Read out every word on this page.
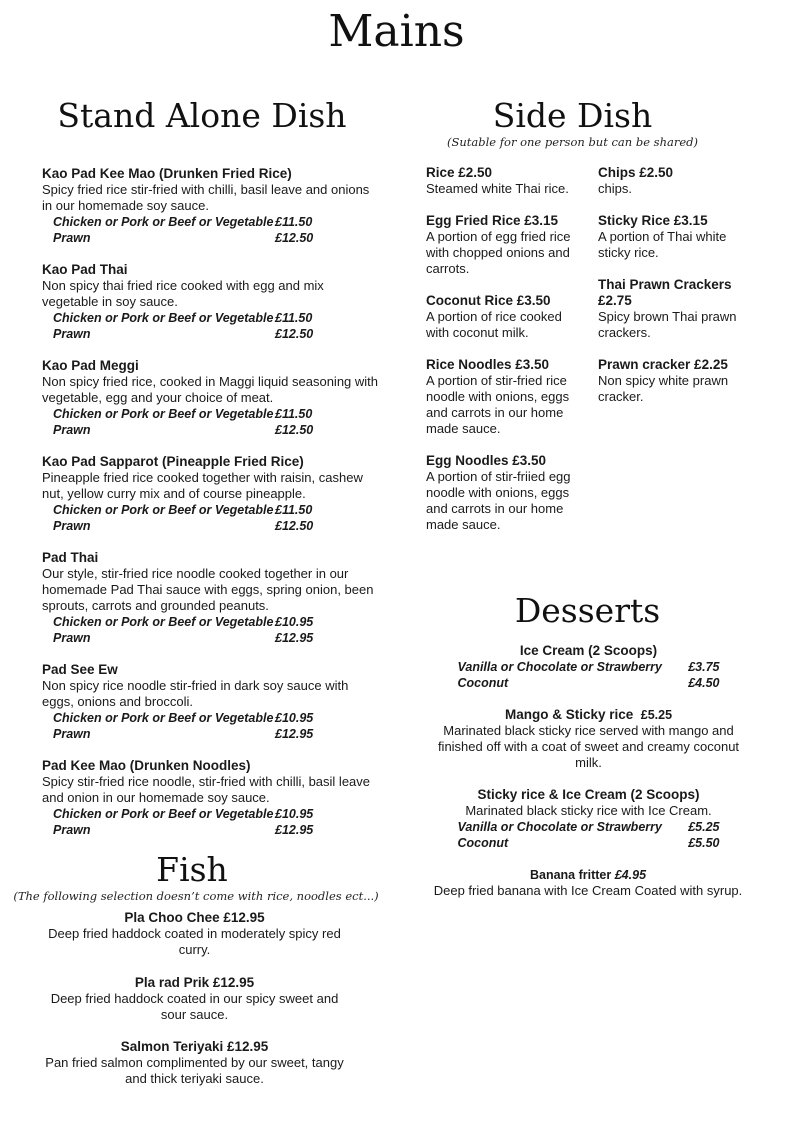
Mains
Stand Alone Dish
Kao Pad Kee Mao (Drunken Fried Rice)
Spicy fried rice stir-fried with chilli, basil leave and onions in our homemade soy sauce.
Chicken or Pork or Beef or Vegetable £11.50
Prawn	£12.50
Kao Pad Thai
Non spicy thai fried rice cooked with egg and mix vegetable in soy sauce.
Chicken or Pork or Beef or Vegetable £11.50
Prawn	£12.50
Kao Pad Meggi
Non spicy fried rice, cooked in Maggi liquid seasoning with vegetable, egg and your choice of meat.
Chicken or Pork or Beef or Vegetable £11.50
Prawn	£12.50
Kao Pad Sapparot (Pineapple Fried Rice)
Pineapple fried rice cooked together with raisin, cashew nut, yellow curry mix and of course pineapple.
Chicken or Pork or Beef or Vegetable £11.50
Prawn	£12.50
Pad Thai
Our style, stir-fried rice noodle cooked together in our homemade Pad Thai sauce with eggs, spring onion, been sprouts, carrots and grounded peanuts.
Chicken or Pork or Beef or Vegetable £10.95
Prawn	£12.95
Pad See Ew
Non spicy rice noodle stir-fried in dark soy sauce with eggs, onions and broccoli.
Chicken or Pork or Beef or Vegetable £10.95
Prawn	£12.95
Pad Kee Mao (Drunken Noodles)
Spicy stir-fried rice noodle, stir-fried with chilli, basil leave and onion in our homemade soy sauce.
Chicken or Pork or Beef or Vegetable £10.95
Prawn	£12.95
Fish
(The following selection doesn’t come with rice, noodles ect...)
Pla Choo Chee £12.95
Deep fried haddock coated in moderately spicy red curry.
Pla rad Prik £12.95
Deep fried haddock coated in our spicy sweet and sour sauce.
Salmon Teriyaki £12.95
Pan fried salmon complimented by our sweet, tangy and thick teriyaki sauce.
Side Dish
(Sutable for one person but can be shared)
Rice £2.50
Steamed white Thai rice.
Egg Fried Rice £3.15
A portion of egg fried rice with chopped onions and carrots.
Coconut Rice £3.50
A portion of rice cooked with coconut milk.
Rice Noodles £3.50
A portion of stir-fried rice noodle with onions, eggs and carrots in our home made sauce.
Egg Noodles £3.50
A portion of stir-friied egg noodle with onions, eggs and carrots in our home made sauce.
Chips £2.50
chips.
Sticky Rice £3.15
A portion of Thai white sticky rice.
Thai Prawn Crackers £2.75
Spicy brown Thai prawn crackers.
Prawn cracker £2.25
Non spicy white prawn cracker.
Desserts
Ice Cream (2 Scoops)
Vanilla or Chocolate or Strawberry	£3.75
Coconut	£4.50
Mango & Sticky rice £5.25
Marinated black sticky rice served with mango and finished off with a coat of sweet and creamy coconut milk.
Sticky rice & Ice Cream (2 Scoops)
Marinated black sticky rice with Ice Cream.
Vanilla or Chocolate or Strawberry	£5.25
Coconut	£5.50
Banana fritter £4.95
Deep fried banana with Ice Cream Coated with syrup.
